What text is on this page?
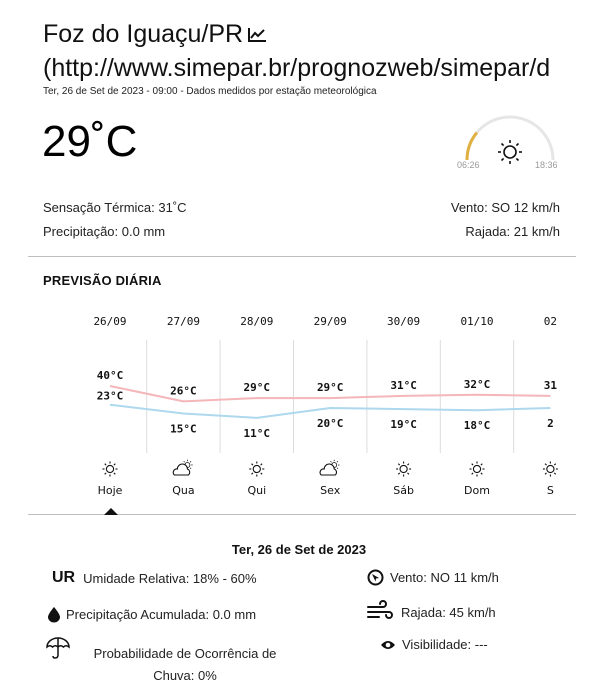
Foz do Iguaçu/PR
(http://www.simepar.br/prognozweb/simepar/d
Ter, 26 de Set de 2023 - 09:00 - Dados medidos por estação meteorológica
29˚C	06:26	18:36
Sensação Térmica: 31˚C
Precipitação: 0.0 mm
Vento: SO 12 km/h
Rajada: 21 km/h
PREVISÃO DIÁRIA
26/09
40°C
23°C
Hoje
27/09
26°C
15°C
Qua
28/09
29°C
11°C
Qui
29/09
29°C
20°C
Sex
30/09
31°C
19°C
Sáb
01/10
32°C
18°C
Dom
02
31
2
S
Ter, 26 de Set de 2023
UR Umidade Relativa: 18% - 60%
Precipitação Acumulada: 0.0 mm
Probabilidade de Ocorrência de Chuva: 0%
Vento: NO 11 km/h
Rajada: 45 km/h
Visibilidade: ---
